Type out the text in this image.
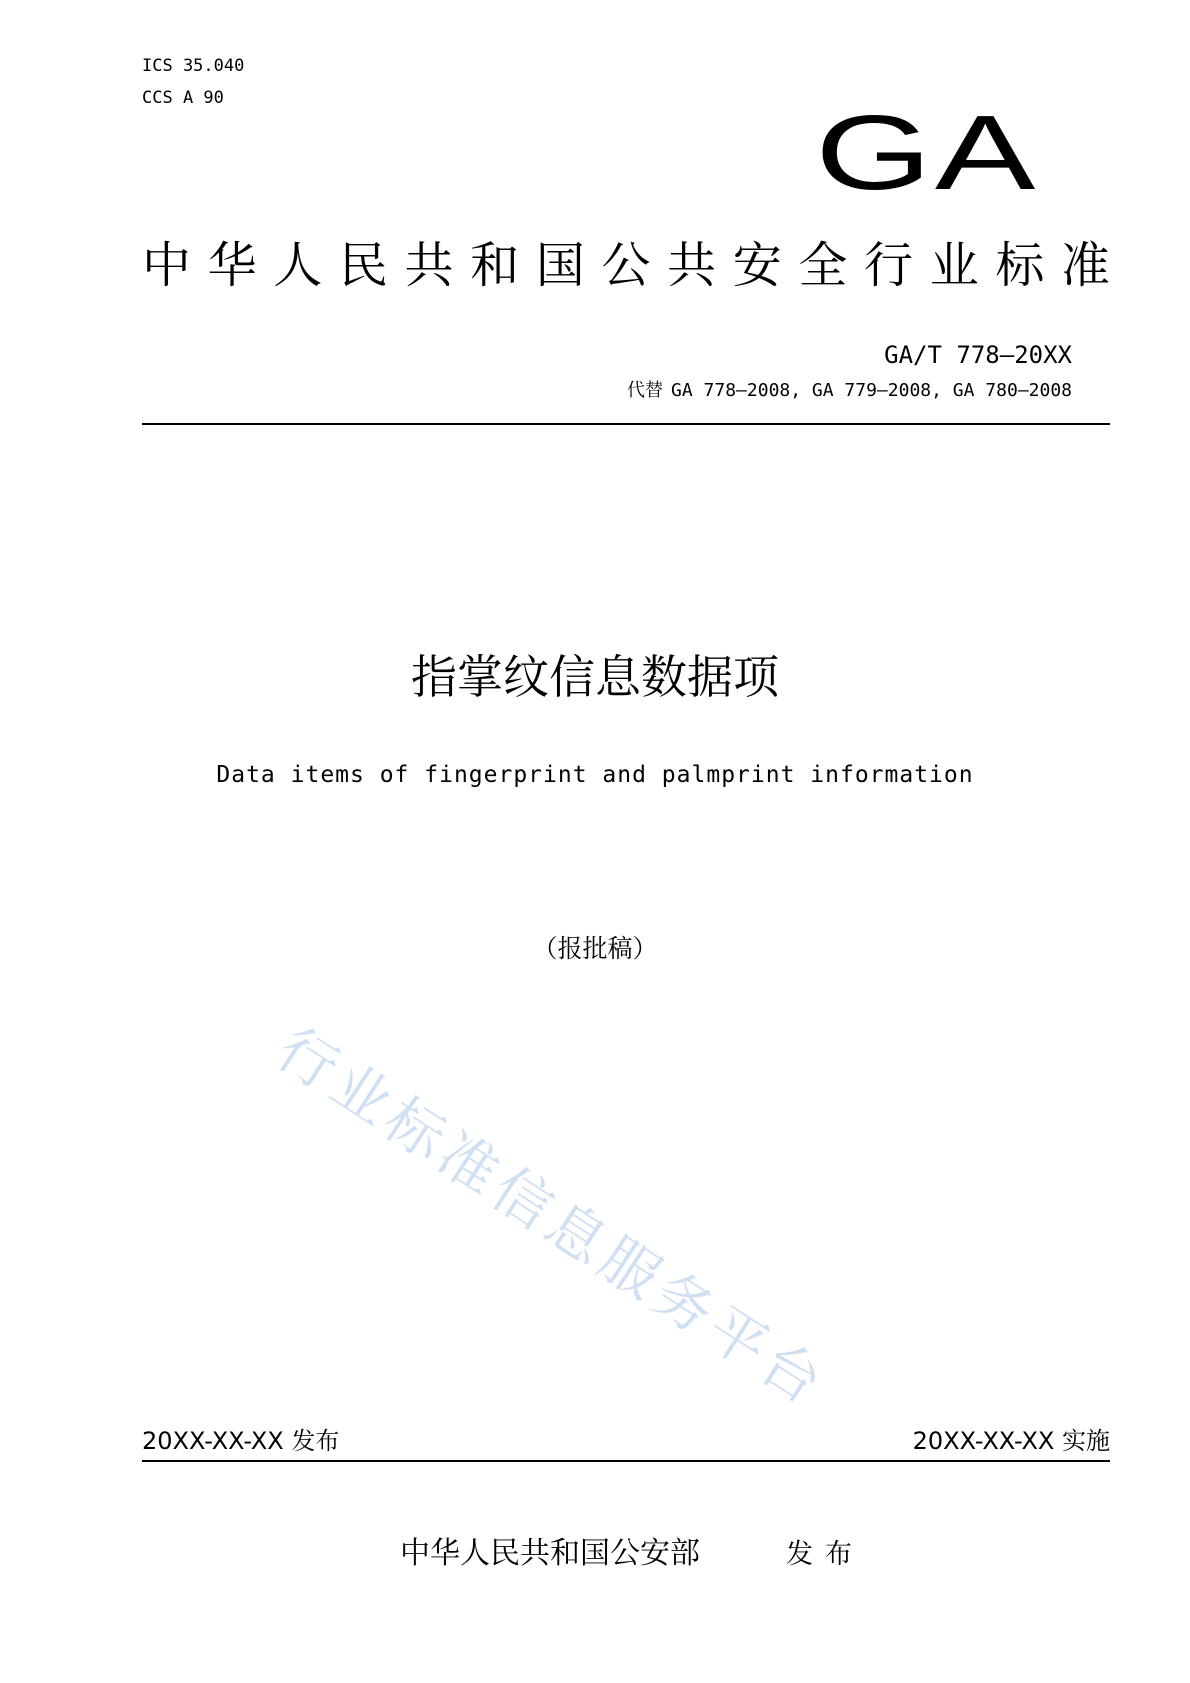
ICS 35.040
CCS A 90	GA
中 华 人 民 共 和 国 公 共 安 全 行 业 标 准
GA/T 778—20XX
代替 GA 778—2008, GA 779—2008, GA 780—2008
指掌纹信息数据项
Data items of fingerprint and palmprint information
（报批稿）
行业标准信息服务平台
20XX-XX-XX 发布	20XX-XX-XX 实施
中华人民共和国公安部	发布
